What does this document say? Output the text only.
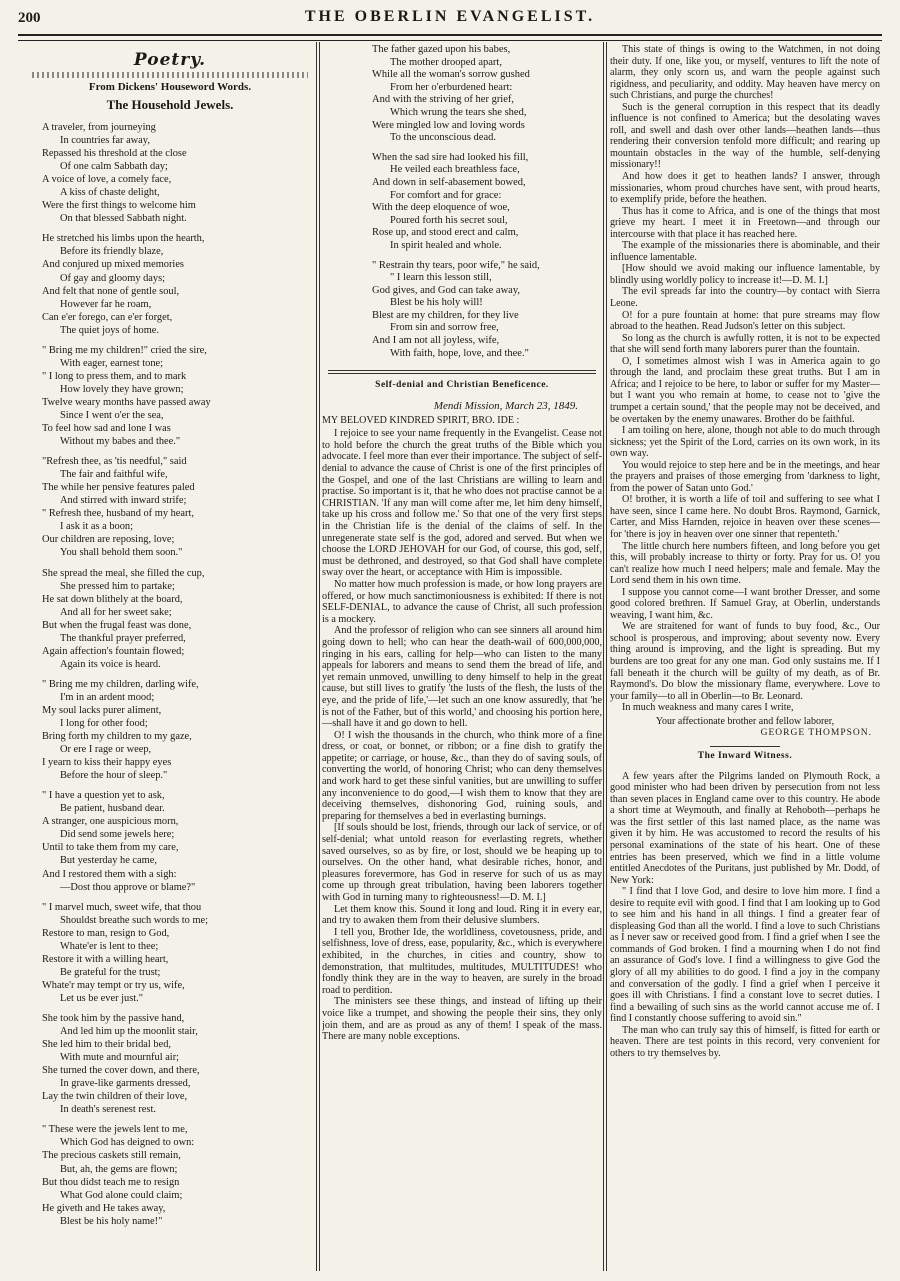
200	THE OBERLIN EVANGELIST.
Poetry.
From Dickens' Houseword Words.
The Household Jewels.
A traveler, from journeying
In countries far away,
Repassed his threshold at the close
Of one calm Sabbath day;
A voice of love, a comely face,
A kiss of chaste delight,
Were the first things to welcome him
On that blessed Sabbath night.
He stretched his limbs upon the hearth,
Before its friendly blaze,
And conjured up mixed memories
Of gay and gloomy days;
And felt that none of gentle soul,
However far he roam,
Can e'er forego, can e'er forget,
The quiet joys of home.
" Bring me my children!" cried the sire,
With eager, earnest tone;
" I long to press them, and to mark
How lovely they have grown;
Twelve weary months have passed away
Since I went o'er the sea,
To feel how sad and lone I was
Without my babes and thee."
"Refresh thee, as 'tis needful," said
The fair and faithful wife,
The while her pensive features paled
And stirred with inward strife;
" Refresh thee, husband of my heart,
I ask it as a boon;
Our children are reposing, love;
You shall behold them soon."
She spread the meal, she filled the cup,
She pressed him to partake;
He sat down blithely at the board,
And all for her sweet sake;
But when the frugal feast was done,
The thankful prayer preferred,
Again affection's fountain flowed;
Again its voice is heard.
" Bring me my children, darling wife,
I'm in an ardent mood;
My soul lacks purer aliment,
I long for other food;
Bring forth my children to my gaze,
Or ere I rage or weep,
I yearn to kiss their happy eyes
Before the hour of sleep."
" I have a question yet to ask,
Be patient, husband dear.
A stranger, one auspicious morn,
Did send some jewels here;
Until to take them from my care,
But yesterday he came,
And I restored them with a sigh:
—Dost thou approve or blame?"
" I marvel much, sweet wife, that thou
Shouldst breathe such words to me;
Restore to man, resign to God,
Whate'er is lent to thee;
Restore it with a willing heart,
Be grateful for the trust;
Whate'r may tempt or try us, wife,
Let us be ever just."
She took him by the passive hand,
And led him up the moonlit stair,
She led him to their bridal bed,
With mute and mournful air;
She turned the cover down, and there,
In grave-like garments dressed,
Lay the twin children of their love,
In death's serenest rest.
" These were the jewels lent to me,
Which God has deigned to own:
The precious caskets still remain,
But, ah, the gems are flown;
But thou didst teach me to resign
What God alone could claim;
He giveth and He takes away,
Blest be his holy name!"
The father gazed upon his babes,
The mother drooped apart,
While all the woman's sorrow gushed
From her o'erburdened heart:
And with the striving of her grief,
Which wrung the tears she shed,
Were mingled low and loving words
To the unconscious dead.
When the sad sire had looked his fill,
He veiled each breathless face,
And down in self-abasement bowed,
For comfort and for grace:
With the deep eloquence of woe,
Poured forth his secret soul,
Rose up, and stood erect and calm,
In spirit healed and whole.
" Restrain thy tears, poor wife," he said,
" I learn this lesson still,
God gives, and God can take away,
Blest be his holy will!
Blest are my children, for they live
From sin and sorrow free,
And I am not all joyless, wife,
With faith, hope, love, and thee."
Self-denial and Christian Beneficence.
Mendi Mission, March 23, 1849.
MY BELOVED KINDRED SPIRIT, BRO. IDE :

I rejoice to see your name frequently in the Evangelist. Cease not to hold before the church the great truths of the Bible which you advocate. I feel more than ever their importance. The subject of self-denial to advance the cause of Christ is one of the first principles of the Gospel, and one of the last Christians are willing to learn and practise. So important is it, that he who does not practise cannot be a CHRISTIAN. 'If any man will come after me, let him deny himself, take up his cross and follow me.' So that one of the very first steps in the Christian life is the denial of the claims of self. In the unregenerate state self is the god, adored and served. But when we choose the LORD JEHOVAH for our God, of course, this god, self, must be dethroned, and destroyed, so that God shall have complete sway over the heart, or acceptance with Him is impossible.

No matter how much profession is made, or how long prayers are offered, or how much sanctimoniousness is exhibited: If there is not SELF-DENIAL, to advance the cause of Christ, all such profession is a mockery.

And the professor of religion who can see sinners all around him going down to hell; who can hear the death-wail of 600,000,000, ringing in his ears, calling for help—who can listen to the many appeals for laborers and means to send them the bread of life, and yet remain unmoved, unwilling to deny himself to help in the great cause, but still lives to gratify 'the lusts of the flesh, the lusts of the eye, and the pride of life,'—let such an one know assuredly, that 'he is not of the Father, but of this world,' and choosing his portion here,—shall have it and go down to hell.

O! I wish the thousands in the church, who think more of a fine dress, or coat, or bonnet, or ribbon; or a fine dish to gratify the appetite; or carriage, or house, &c., than they do of saving souls, of converting the world, of honoring Christ; who can deny themselves and work hard to get these sinful vanities, but are unwilling to suffer any inconvenience to do good,—I wish them to know that they are deceiving themselves, dishonoring God, ruining souls, and preparing for themselves a bed in everlasting burnings.

[If souls should be lost, friends, through our lack of service, or of self-denial; what untold reason for everlasting regrets, whether saved ourselves, so as by fire, or lost, should we be heaping up to ourselves. On the other hand, what desirable riches, honor, and pleasures forevermore, has God in reserve for such of us as may come up through great tribulation, having been laborers together with God in turning many to righteousness!—D. M. I.]

Let them know this. Sound it long and loud. Ring it in every ear, and try to awaken them from their delusive slumbers.

I tell you, Brother Ide, the worldliness, covetousness, pride, and selfishness, love of dress, ease, popularity, &c., which is everywhere exhibited, in the churches, in cities and country, show to demonstration, that multitudes, multitudes, MULTITUDES! who fondly think they are in the way to heaven, are surely in the broad road to perdition.

The ministers see these things, and instead of lifting up their voice like a trumpet, and showing the people their sins, they only join them, and are as proud as any of them! I speak of the mass. There are many noble exceptions.

This state of things is owing to the Watchmen, in not doing their duty. If one, like you, or myself, ventures to lift the note of alarm, they only scorn us, and warn the people against such rigidness, and peculiarity, and oddity. May heaven have mercy on such Christians, and purge the churches!

Such is the general corruption in this respect that its deadly influence is not confined to America; but the desolating waves roll, and swell and dash over other lands—heathen lands—thus rendering their conversion tenfold more difficult; and rearing up mountain obstacles in the way of the humble, self-denying missionary!!

And how does it get to heathen lands? I answer, through missionaries, whom proud churches have sent, with proud hearts, to exemplify pride, before the heathen.

Thus has it come to Africa, and is one of the things that most grieve my heart. I meet it in Freetown—and through our intercourse with that place it has reached here.

The example of the missionaries there is abominable, and their influence lamentable.

[How should we avoid making our influence lamentable, by blindly using worldly policy to increase it!—D. M. I.]

The evil spreads far into the country—by contact with Sierra Leone.

O! for a pure fountain at home: that pure streams may flow abroad to the heathen. Read Judson's letter on this subject.

So long as the church is awfully rotten, it is not to be expected that she will send forth many laborers purer than the fountain.

O, I sometimes almost wish I was in America again to go through the land, and proclaim these great truths. But I am in Africa; and I rejoice to be here, to labor or suffer for my Master—but I want you who remain at home, to cease not to 'give the trumpet a certain sound,' that the people may not be deceived, and be overtaken by the enemy unawares. Brother do be faithful.

I am toiling on here, alone, though not able to do much through sickness; yet the Spirit of the Lord, carries on its own work, in its own way.

You would rejoice to step here and be in the meetings, and hear the prayers and praises of those emerging from 'darkness to light, from the power of Satan unto God.'

O! brother, it is worth a life of toil and suffering to see what I have seen, since I came here. No doubt Bros. Raymond, Garnick, Carter, and Miss Harnden, rejoice in heaven over these scenes—for 'there is joy in heaven over one sinner that repenteth.'

The little church here numbers fifteen, and long before you get this, will probably increase to thirty or forty. Pray for us. O! you can't realize how much I need helpers; male and female. May the Lord send them in his own time.

I suppose you cannot come—I want brother Dresser, and some good colored brethren. If Samuel Gray, at Oberlin, understands weaving, I want him, &c.

We are straitened for want of funds to buy food, &c., Our school is prosperous, and improving; about seventy now. Every thing around is improving, and the light is spreading. But my burdens are too great for any one man. God only sustains me. If I fall beneath it the church will be guilty of my death, as of Br. Raymond's. Do blow the missionary flame, everywhere. Love to your family—to all in Oberlin—to Br. Leonard.

In much weakness and many cares I write,

Your affectionate brother and fellow laborer,
GEORGE THOMPSON.
The Inward Witness.

A few years after the Pilgrims landed on Plymouth Rock, a good minister who had been driven by persecution from not less than seven places in England came over to this country. He abode a short time at Weymouth, and finally at Rehoboth—perhaps he was the first settler of this last named place, as the name was given it by him. He was accustomed to record the results of his personal examinations of the state of his heart. One of these entries has been preserved, which we find in a little volume entitled Anecdotes of the Puritans, just published by Mr. Dodd, of New York:

" I find that I love God, and desire to love him more. I find a desire to requite evil with good. I find that I am looking up to God to see him and his hand in all things. I find a greater fear of displeasing God than all the world. I find a love to such Christians as I never saw or received good from. I find a grief when I see the commands of God broken. I find a mourning when I do not find an assurance of God's love. I find a willingness to give God the glory of all my abilities to do good. I find a joy in the company and conversation of the godly. I find a grief when I perceive it goes ill with Christians. I find a constant love to secret duties. I find a bewailing of such sins as the world cannot accuse me of. I find I constantly choose suffering to avoid sin."

The man who can truly say this of himself, is fitted for earth or heaven. There are test points in this record, very convenient for others to try themselves by.
